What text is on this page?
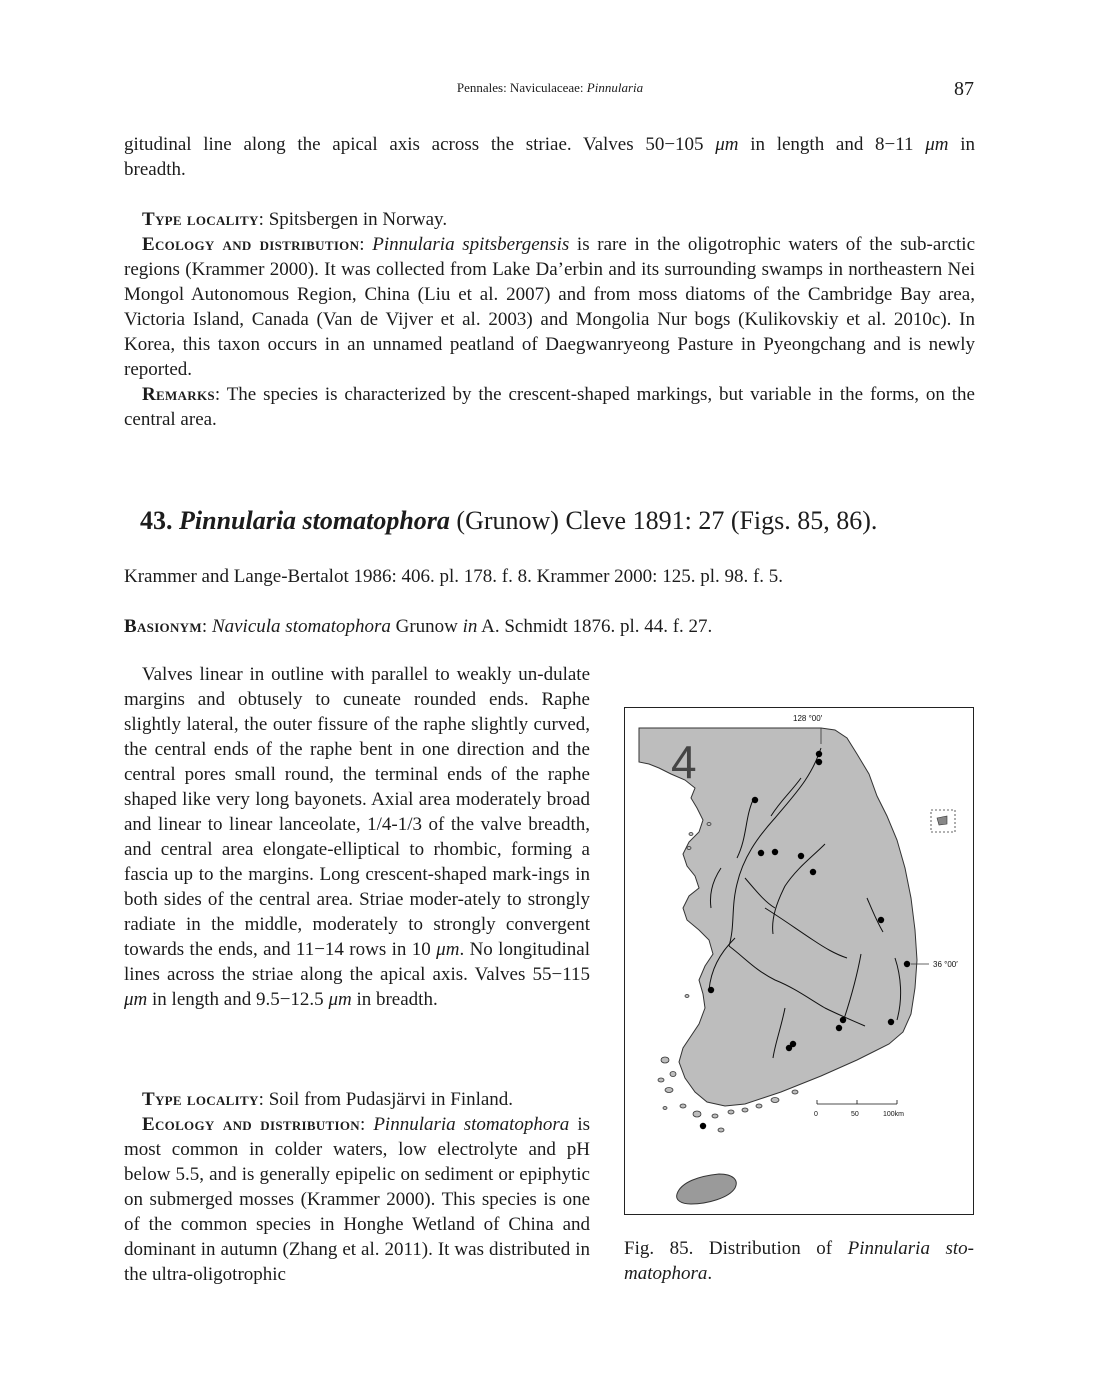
Pennales: Naviculaceae: Pinnularia	87

gitudinal line along the apical axis across the striae. Valves 50−105 μm in length and 8−11 μm in

breadth.

Type locality: Spitsbergen in Norway.

Ecology and distribution: Pinnularia spitsbergensis is rare in the oligotrophic waters of the sub-arctic regions (Krammer 2000). It was collected from Lake Da’erbin and its surrounding swamps in northeastern Nei Mongol Autonomous Region, China (Liu et al. 2007) and from moss diatoms of the Cambridge Bay area, Victoria Island, Canada (Van de Vijver et al. 2003) and Mongolia Nur bogs (Kulikovskiy et al. 2010c). In Korea, this taxon occurs in an unnamed peatland of Daegwanryeong Pasture in Pyeongchang and is newly reported.

Remarks: The species is characterized by the crescent-shaped markings, but variable in the forms, on the central area.

43. Pinnularia stomatophora (Grunow) Cleve 1891: 27 (Figs. 85, 86).
Krammer and Lange-Bertalot 1986: 406. pl. 178. f. 8. Krammer 2000: 125. pl. 98. f. 5.
Basionym: Navicula stomatophora Grunow in A. Schmidt 1876. pl. 44. f. 27.

Valves linear in outline with parallel to weakly un-dulate margins and obtusely to cuneate rounded ends. Raphe slightly lateral, the outer fissure of the raphe slightly curved, the central ends of the raphe bent in one direction and the central pores small round, the terminal ends of the raphe shaped like very long bayonets. Axial area moderately broad and linear to linear lanceolate, 1/4-1/3 of the valve breadth, and central area elongate-elliptical to rhombic, forming a fascia up to the margins. Long crescent-shaped mark-ings in both sides of the central area. Striae moder-ately to strongly radiate in the middle, moderately to strongly convergent towards the ends, and 11−14 rows in 10 μm. No longitudinal lines across the striae along the apical axis. Valves 55−115 μm in length and 9.5−12.5 μm in breadth.

Type locality: Soil from Pudasjärvi in Finland.

Ecology and distribution: Pinnularia stomatophora is most common in colder waters, low electrolyte and pH below 5.5, and is generally epipelic on sediment or epiphytic on submerged mosses (Krammer 2000). This species is one of the common species in Honghe Wetland of China and dominant in autumn (Zhang et al. 2011). It was distributed in the ultra-oligotrophic

4
128 °00′
36 °00′
0	50	100km
Fig. 85. Distribution of Pinnularia sto-matophora.
